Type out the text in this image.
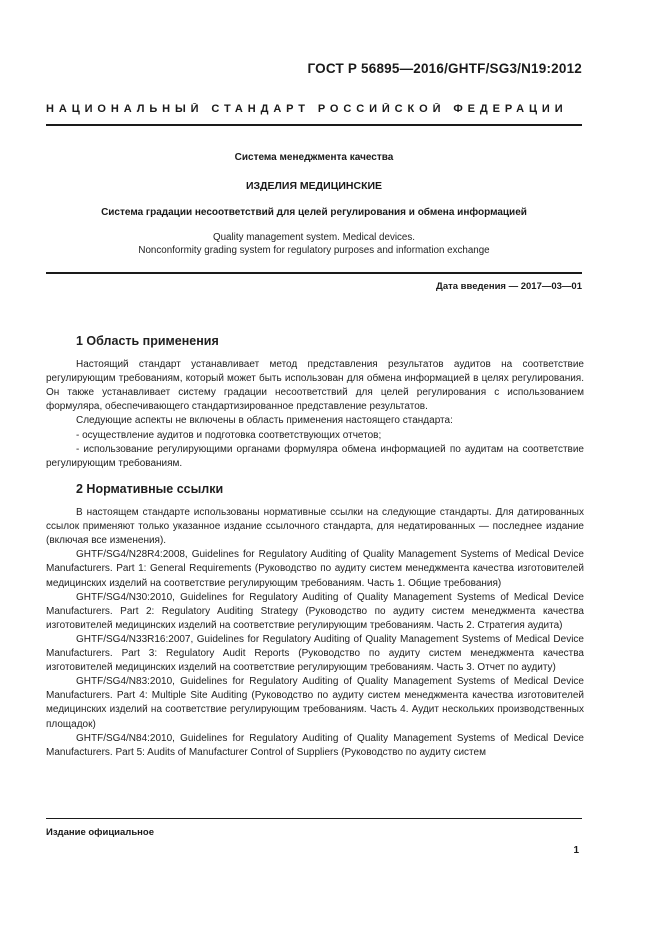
ГОСТ Р 56895—2016/GHTF/SG3/N19:2012
НАЦИОНАЛЬНЫЙ СТАНДАРТ РОССИЙСКОЙ ФЕДЕРАЦИИ
Система менеджмента качества
ИЗДЕЛИЯ МЕДИЦИНСКИЕ
Система градации несоответствий для целей регулирования и обмена информацией
Quality management system. Medical devices.
Nonconformity grading system for regulatory purposes and information exchange
Дата введения — 2017—03—01
1 Область применения

Настоящий стандарт устанавливает метод представления результатов аудитов на соответствие регулирующим требованиям, который может быть использован для обмена информацией в целях регулирования. Он также устанавливает систему градации несоответствий для целей регулирования с использованием формуляра, обеспечивающего стандартизированное представление результатов.

Следующие аспекты не включены в область применения настоящего стандарта:

- осуществление аудитов и подготовка соответствующих отчетов;

- использование регулирующими органами формуляра обмена информацией по аудитам на соответствие регулирующим требованиям.

2 Нормативные ссылки

В настоящем стандарте использованы нормативные ссылки на следующие стандарты. Для датированных ссылок применяют только указанное издание ссылочного стандарта, для недатированных — последнее издание (включая все изменения).

GHTF/SG4/N28R4:2008, Guidelines for Regulatory Auditing of Quality Management Systems of Medical Device Manufacturers. Part 1: General Requirements (Руководство по аудиту систем менеджмента качества изготовителей медицинских изделий на соответствие регулирующим требованиям. Часть 1. Общие требования)

GHTF/SG4/N30:2010, Guidelines for Regulatory Auditing of Quality Management Systems of Medical Device Manufacturers. Part 2: Regulatory Auditing Strategy (Руководство по аудиту систем менеджмента качества изготовителей медицинских изделий на соответствие регулирующим требованиям. Часть 2. Стратегия аудита)

GHTF/SG4/N33R16:2007, Guidelines for Regulatory Auditing of Quality Management Systems of Medical Device Manufacturers. Part 3: Regulatory Audit Reports (Руководство по аудиту систем менеджмента качества изготовителей медицинских изделий на соответствие регулирующим требованиям. Часть 3. Отчет по аудиту)

GHTF/SG4/N83:2010, Guidelines for Regulatory Auditing of Quality Management Systems of Medical Device Manufacturers. Part 4: Multiple Site Auditing (Руководство по аудиту систем менеджмента качества изготовителей медицинских изделий на соответствие регулирующим требованиям. Часть 4. Аудит нескольких производственных площадок)

GHTF/SG4/N84:2010, Guidelines for Regulatory Auditing of Quality Management Systems of Medical Device Manufacturers. Part 5: Audits of Manufacturer Control of Suppliers (Руководство по аудиту систем

Издание официальное
1
